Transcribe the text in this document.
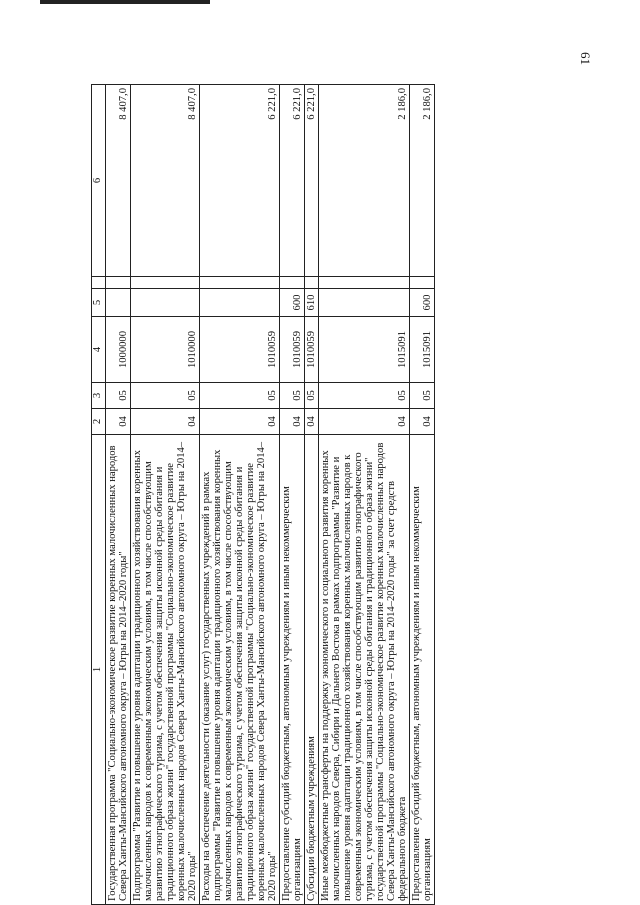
61
1	2	3	4	5		6
Государственная программа "Социально-экономическое развитие коренных малочисленных народов Севера Ханты-Мансийского автономного округа – Югры на 2014–2020 годы"	04	05	1000000			8 407,0
Подпрограмма "Развитие и повышение уровня адаптации традиционного хозяйствования коренных малочисленных народов к современным экономическим условиям, в том числе способствующим развитию этнографического туризма, с учетом обеспечения защиты исконной среды обитания и традиционного образа жизни" государственной программы "Социально-экономическое развитие коренных малочисленных народов Севера Ханты-Мансийского автономного округа – Югры на 2014–2020 годы"	04	05	1010000			8 407,0
Расходы на обеспечение деятельности (оказание услуг) государственных учреждений в рамках подпрограммы "Развитие и повышение уровня адаптации традиционного хозяйствования коренных малочисленных народов к современным экономическим условиям, в том числе способствующим развитию этнографического туризма, с учетом обеспечения защиты исконной среды обитания и традиционного образа жизни" государственной программы "Социально-экономическое развитие коренных малочисленных народов Севера Ханты-Мансийского автономного округа – Югры на 2014–2020 годы"	04	05	1010059			6 221,0
Предоставление субсидий бюджетным, автономным учреждениям и иным некоммерческим организациям	04	05	1010059	600		6 221,0
Субсидии бюджетным учреждениям	04	05	1010059	610		6 221,0
Иные межбюджетные трансферты на поддержку экономического и социального развития коренных малочисленных народов Севера, Сибири и Дальнего Востока в рамках подпрограммы "Развитие и повышение уровня адаптации традиционного хозяйствования коренных малочисленных народов к современным экономическим условиям, в том числе способствующим развитию этнографического туризма, с учетом обеспечения защиты исконной среды обитания и традиционного образа жизни" государственной программы "Социально-экономическое развитие коренных малочисленных народов Севера Ханты-Мансийского автономного округа – Югры на 2014–2020 годы" за счет средств федерального бюджета	04	05	1015091			2 186,0
Предоставление субсидий бюджетным, автономным учреждениям и иным некоммерческим организациям	04	05	1015091	600		2 186,0
